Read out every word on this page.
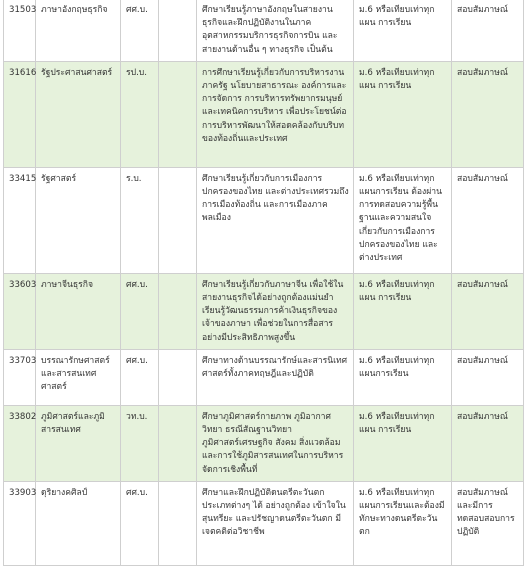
31503	ภาษาอังกฤษธุรกิจ	ศศ.บ.		ศึกษาเรียนรู้ภาษาอังกฤษในสายงานธุรกิจและฝึกปฏิบัติงานในภาคอุตสาหกรรมบริการธุรกิจการบิน และสายงานด้านอื่น ๆ ทางธุรกิจ เป็นต้น	ม.6 หรือเทียบเท่าทุกแผน การเรียน	สอบสัมภาษณ์
31616	รัฐประศาสนศาสตร์	รป.บ.		การศึกษาเรียนรู้เกี่ยวกับการบริหารงานภาครัฐ นโยบายสาธารณะ องค์การและการจัดการ การบริหารทรัพยากรมนุษย์และเทคนิคการบริหาร เพื่อประโยชน์ต่อการบริหารพัฒนาให้สอดคล้องกับบริบทของท้องถิ่นและประเทศ	ม.6 หรือเทียบเท่าทุกแผน การเรียน	สอบสัมภาษณ์
33415	รัฐศาสตร์	ร.บ.		ศึกษาเรียนรู้เกี่ยวกับการเมืองการปกครองของไทย และต่างประเทศรวมถึงการเมืองท้องถิ่น และการเมืองภาคพลเมือง	ม.6 หรือเทียบเท่าทุกแผนการเรียน ต้องผ่านการทดสอบความรู้พื้นฐานและความสนใจเกี่ยวกับการเมืองการปกครองของไทย และต่างประเทศ	สอบสัมภาษณ์
33603	ภาษาจีนธุรกิจ	ศศ.บ.		ศึกษาเรียนรู้เกี่ยวกับภาษาจีน เพื่อใช้ในสายงานธุรกิจได้อย่างถูกต้องแม่นยำ เรียนรู้วัฒนธรรมการค้าเงินธุรกิจของเจ้าของภาษา เพื่อช่วยในการสื่อสารอย่างมีประสิทธิภาพสูงขึ้น	ม.6 หรือเทียบเท่าทุกแผน การเรียน	สอบสัมภาษณ์
33703	บรรณารักษศาสตร์และสารสนเทศศาสตร์	ศศ.บ.		ศึกษาทางด้านบรรณารักษ์และสารนิเทศศาสตร์ทั้งภาคทฤษฎีและปฏิบัติ	ม.6 หรือเทียบเท่าทุกแผนการเรียน	สอบสัมภาษณ์
33802	ภูมิศาสตร์และภูมิสารสนเทศ	วท.บ.		ศึกษาภูมิศาสตร์กายภาพ ภูมิอากาศวิทยา ธรณีสัณฐานวิทยา ภูมิศาสตร์เศรษฐกิจ สังคม สิ่งแวดล้อม และการใช้ภูมิสารสนเทศในการบริหารจัดการเชิงพื้นที่	ม.6 หรือเทียบเท่าทุกแผน การเรียน	สอบสัมภาษณ์
33903	ดุริยางคศิลป์	ศศ.บ.		ศึกษาและฝึกปฏิบัติดนตรีตะวันตกประเภทต่างๆ ได้ อย่างถูกต้อง เข้าใจในสุนทรียะ และปรัชญาดนตรีตะวันตก มีเจตคติต่อวิชาชีพ	ม.6 หรือเทียบเท่าทุกแผนการเรียนและต้องมีทักษะทางดนตรีตะวันตก	สอบสัมภาษณ์และมีการทดสอบสอบการปฏิบัติ
